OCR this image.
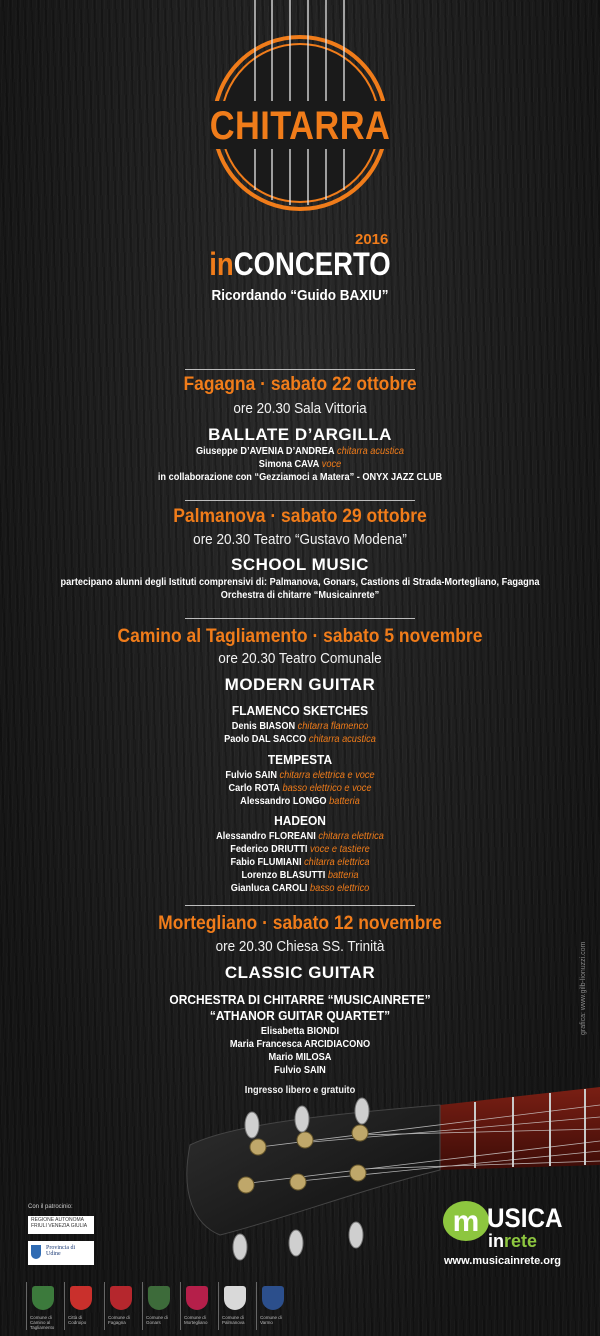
CHITARRA
2016
inCONCERTO
Ricordando “Guido BAXIU”
Fagagna · sabato 22 ottobre
ore 20.30 Sala Vittoria
BALLATE D’ARGILLA
Giuseppe D’AVENIA D’ANDREA chitarra acustica
Simona CAVA voce
in collaborazione con “Gezziamoci a Matera” - ONYX JAZZ CLUB
Palmanova · sabato 29 ottobre
ore 20.30 Teatro “Gustavo Modena”
SCHOOL MUSIC
partecipano alunni degli Istituti comprensivi di: Palmanova, Gonars, Castions di Strada-Mortegliano, Fagagna
Orchestra di chitarre “Musicainrete”
Camino al Tagliamento · sabato 5 novembre
ore 20.30 Teatro Comunale
MODERN GUITAR
FLAMENCO SKETCHES
Denis BIASON chitarra flamenco
Paolo DAL SACCO chitarra acustica
TEMPESTA
Fulvio SAIN chitarra elettrica e voce
Carlo ROTA basso elettrico e voce
Alessandro LONGO batteria
HADEON
Alessandro FLOREANI chitarra elettrica
Federico DRIUTTI voce e tastiere
Fabio FLUMIANI chitarra elettrica
Lorenzo BLASUTTI batteria
Gianluca CAROLI basso elettrico
Mortegliano · sabato 12 novembre
ore 20.30 Chiesa SS. Trinità
CLASSIC GUITAR
ORCHESTRA DI CHITARRE “MUSICAINRETE”
“ATHANOR GUITAR QUARTET”
Elisabetta BIONDI
Maria Francesca ARCIDIACONO
Mario MILOSA
Fulvio SAIN
Ingresso libero e gratuito
grafica: www.gilb-lionuzzi.com
Con il patrocinio:
REGIONE AUTONOMA FRIULI VENEZIA GIULIA
Provincia di Udine
m USICA
inrete
www.musicainrete.org
Comune di Camino al Tagliamento
Città di Codroipo
Comune di Fagagna
Comune di Gonars
Comune di Mortegliano
Comune di Palmanova
Comune di Varmo
